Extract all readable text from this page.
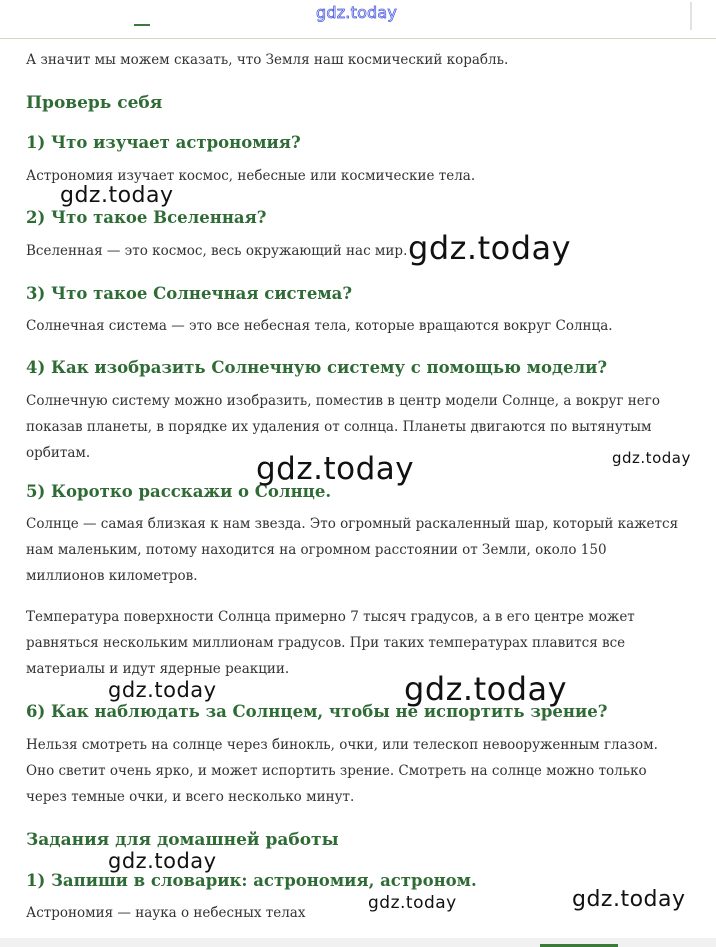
gdz.today
А значит мы можем сказать, что Земля наш космический корабль.
Проверь себя
1) Что изучает астрономия?
Астрономия изучает космос, небесные или космические тела.
2) Что такое Вселенная?
Вселенная — это космос, весь окружающий нас мир.
3) Что такое Солнечная система?
Солнечная система — это все небесная тела, которые вращаются вокруг Солнца.
4) Как изобразить Солнечную систему с помощью модели?
Солнечную систему можно изобразить, поместив в центр модели Солнце, а вокруг него
показав планеты, в порядке их удаления от солнца. Планеты двигаются по вытянутым
орбитам.
5) Коротко расскажи о Солнце.
Солнце — самая близкая к нам звезда. Это огромный раскаленный шар, который кажется
нам маленьким, потому находится на огромном расстоянии от Земли, около 150
миллионов километров.
Температура поверхности Солнца примерно 7 тысяч градусов, а в его центре может
равняться нескольким миллионам градусов. При таких температурах плавится все
материалы и идут ядерные реакции.
6) Как наблюдать за Солнцем, чтобы не испортить зрение?
Нельзя смотреть на солнце через бинокль, очки, или телескоп невооруженным глазом.
Оно светит очень ярко, и может испортить зрение. Смотреть на солнце можно только
через темные очки, и всего несколько минут.
Задания для домашней работы
1) Запиши в словарик: астрономия, астроном.
Астрономия — наука о небесных телах
gdz.today
gdz.today
gdz.today
gdz.today
gdz.today	gdz.today
gdz.today
gdz.today	gdz.today
